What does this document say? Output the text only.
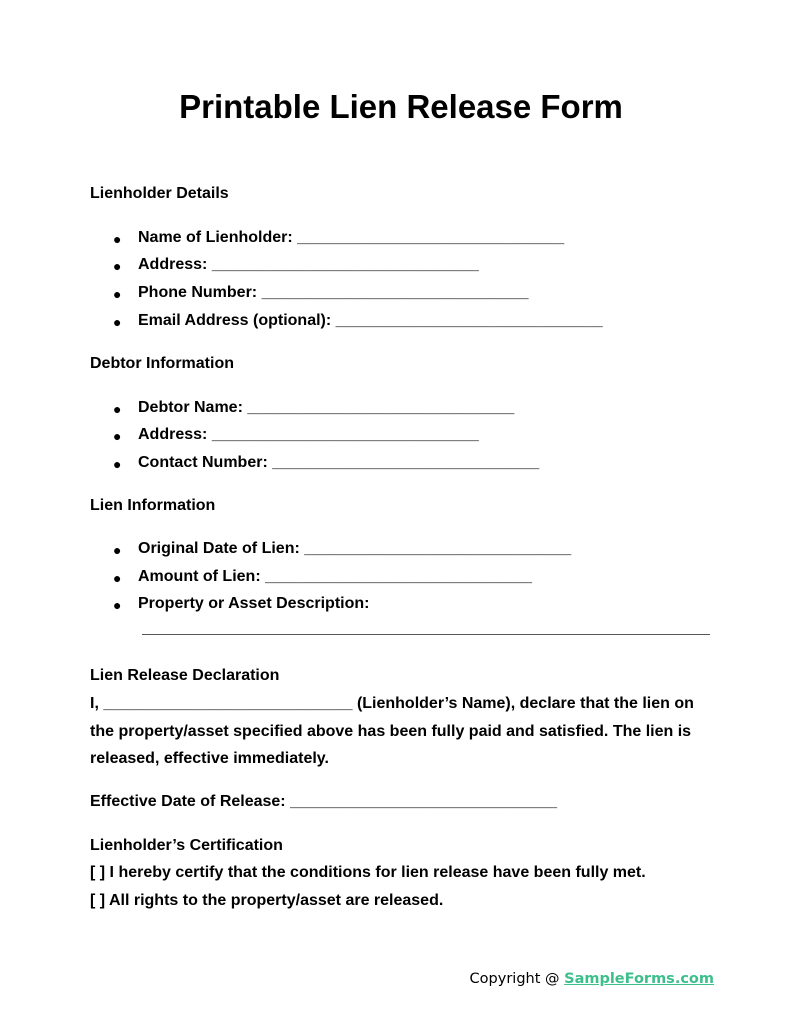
Printable Lien Release Form
Lienholder Details
● Name of Lienholder: ______________________________
● Address: ______________________________
● Phone Number: ______________________________
● Email Address (optional): ______________________________
Debtor Information
● Debtor Name: ______________________________
● Address: ______________________________
● Contact Number: ______________________________
Lien Information
● Original Date of Lien: ______________________________
● Amount of Lien: ______________________________
● Property or Asset Description:
Lien Release Declaration
I, ____________________________ (Lienholder’s Name), declare that the lien on the property/asset specified above has been fully paid and satisfied. The lien is released, effective immediately.
Effective Date of Release: ______________________________
Lienholder’s Certification
[ ] I hereby certify that the conditions for lien release have been fully met.
[ ] All rights to the property/asset are released.
Copyright @ SampleForms.com
